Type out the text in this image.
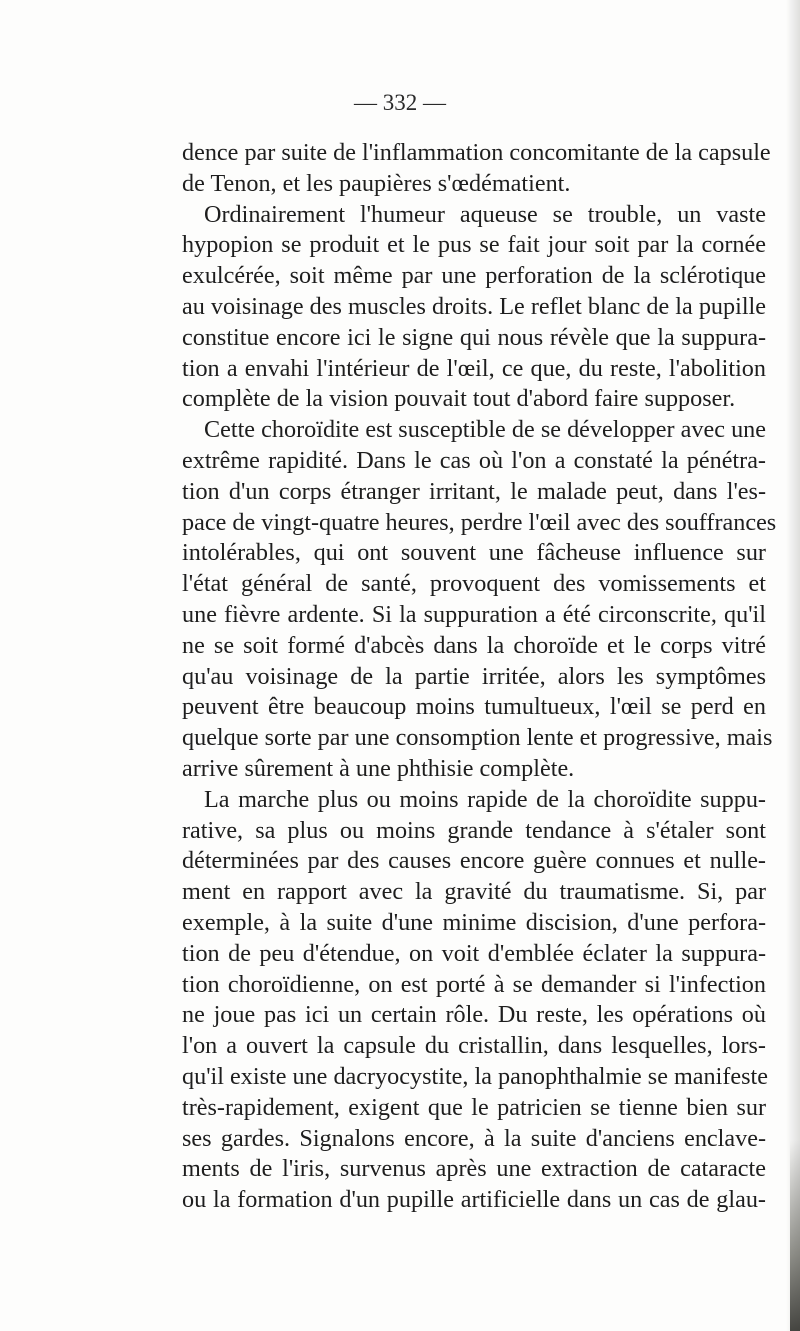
— 332 —
dence par suite de l'inflammation concomitante de la capsule
de Tenon, et les paupières s'œdématient.
Ordinairement l'humeur aqueuse se trouble, un vaste
hypopion se produit et le pus se fait jour soit par la cornée
exulcérée, soit même par une perforation de la sclérotique
au voisinage des muscles droits. Le reflet blanc de la pupille
constitue encore ici le signe qui nous révèle que la suppura-
tion a envahi l'intérieur de l'œil, ce que, du reste, l'abolition
complète de la vision pouvait tout d'abord faire supposer.
Cette choroïdite est susceptible de se développer avec une
extrême rapidité. Dans le cas où l'on a constaté la pénétra-
tion d'un corps étranger irritant, le malade peut, dans l'es-
pace de vingt-quatre heures, perdre l'œil avec des souffrances
intolérables, qui ont souvent une fâcheuse influence sur
l'état général de santé, provoquent des vomissements et
une fièvre ardente. Si la suppuration a été circonscrite, qu'il
ne se soit formé d'abcès dans la choroïde et le corps vitré
qu'au voisinage de la partie irritée, alors les symptômes
peuvent être beaucoup moins tumultueux, l'œil se perd en
quelque sorte par une consomption lente et progressive, mais
arrive sûrement à une phthisie complète.
La marche plus ou moins rapide de la choroïdite suppu-
rative, sa plus ou moins grande tendance à s'étaler sont
déterminées par des causes encore guère connues et nulle-
ment en rapport avec la gravité du traumatisme. Si, par
exemple, à la suite d'une minime discision, d'une perfora-
tion de peu d'étendue, on voit d'emblée éclater la suppura-
tion choroïdienne, on est porté à se demander si l'infection
ne joue pas ici un certain rôle. Du reste, les opérations où
l'on a ouvert la capsule du cristallin, dans lesquelles, lors-
qu'il existe une dacryocystite, la panophthalmie se manifeste
très-rapidement, exigent que le patricien se tienne bien sur
ses gardes. Signalons encore, à la suite d'anciens enclave-
ments de l'iris, survenus après une extraction de cataracte
ou la formation d'un pupille artificielle dans un cas de glau-
